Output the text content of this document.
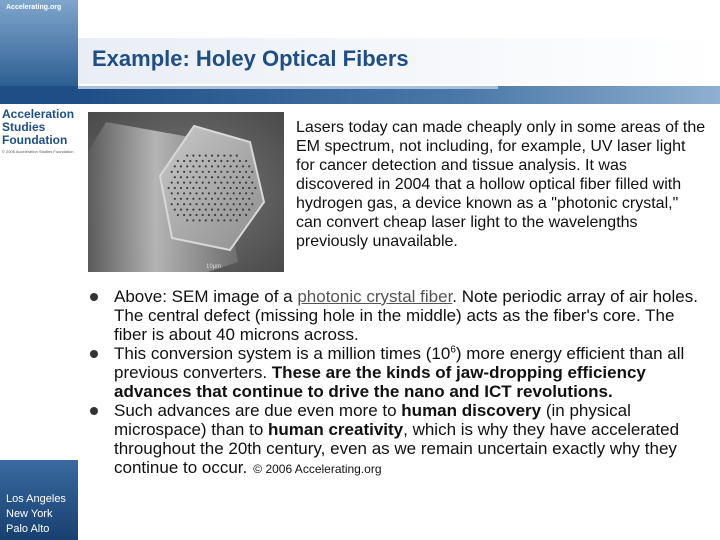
Accelerating.org
Acceleration
Studies
Foundation
© 2006 Acceleration Studies Foundation
Los Angeles
New York
Palo Alto
Example: Holey Optical Fibers
10μm
Lasers today can made cheaply only in some areas of the EM spectrum, not including, for example, UV laser light for cancer detection and tissue analysis. It was discovered in 2004 that a hollow optical fiber filled with hydrogen gas, a device known as a "photonic crystal," can convert cheap laser light to the wavelengths previously unavailable.
Above: SEM image of a photonic crystal fiber. Note periodic array of air holes. The central defect (missing hole in the middle) acts as the fiber's core. The fiber is about 40 microns across.
This conversion system is a million times $(10^6)$ more energy efficient than all previous converters. These are the kinds of jaw-dropping efficiency advances that continue to drive the nano and ICT revolutions.
Such advances are due even more to human discovery (in physical microspace) than to human creativity, which is why they have accelerated throughout the 20th century, even as we remain uncertain exactly why they continue to occur. © 2006 Accelerating.org
